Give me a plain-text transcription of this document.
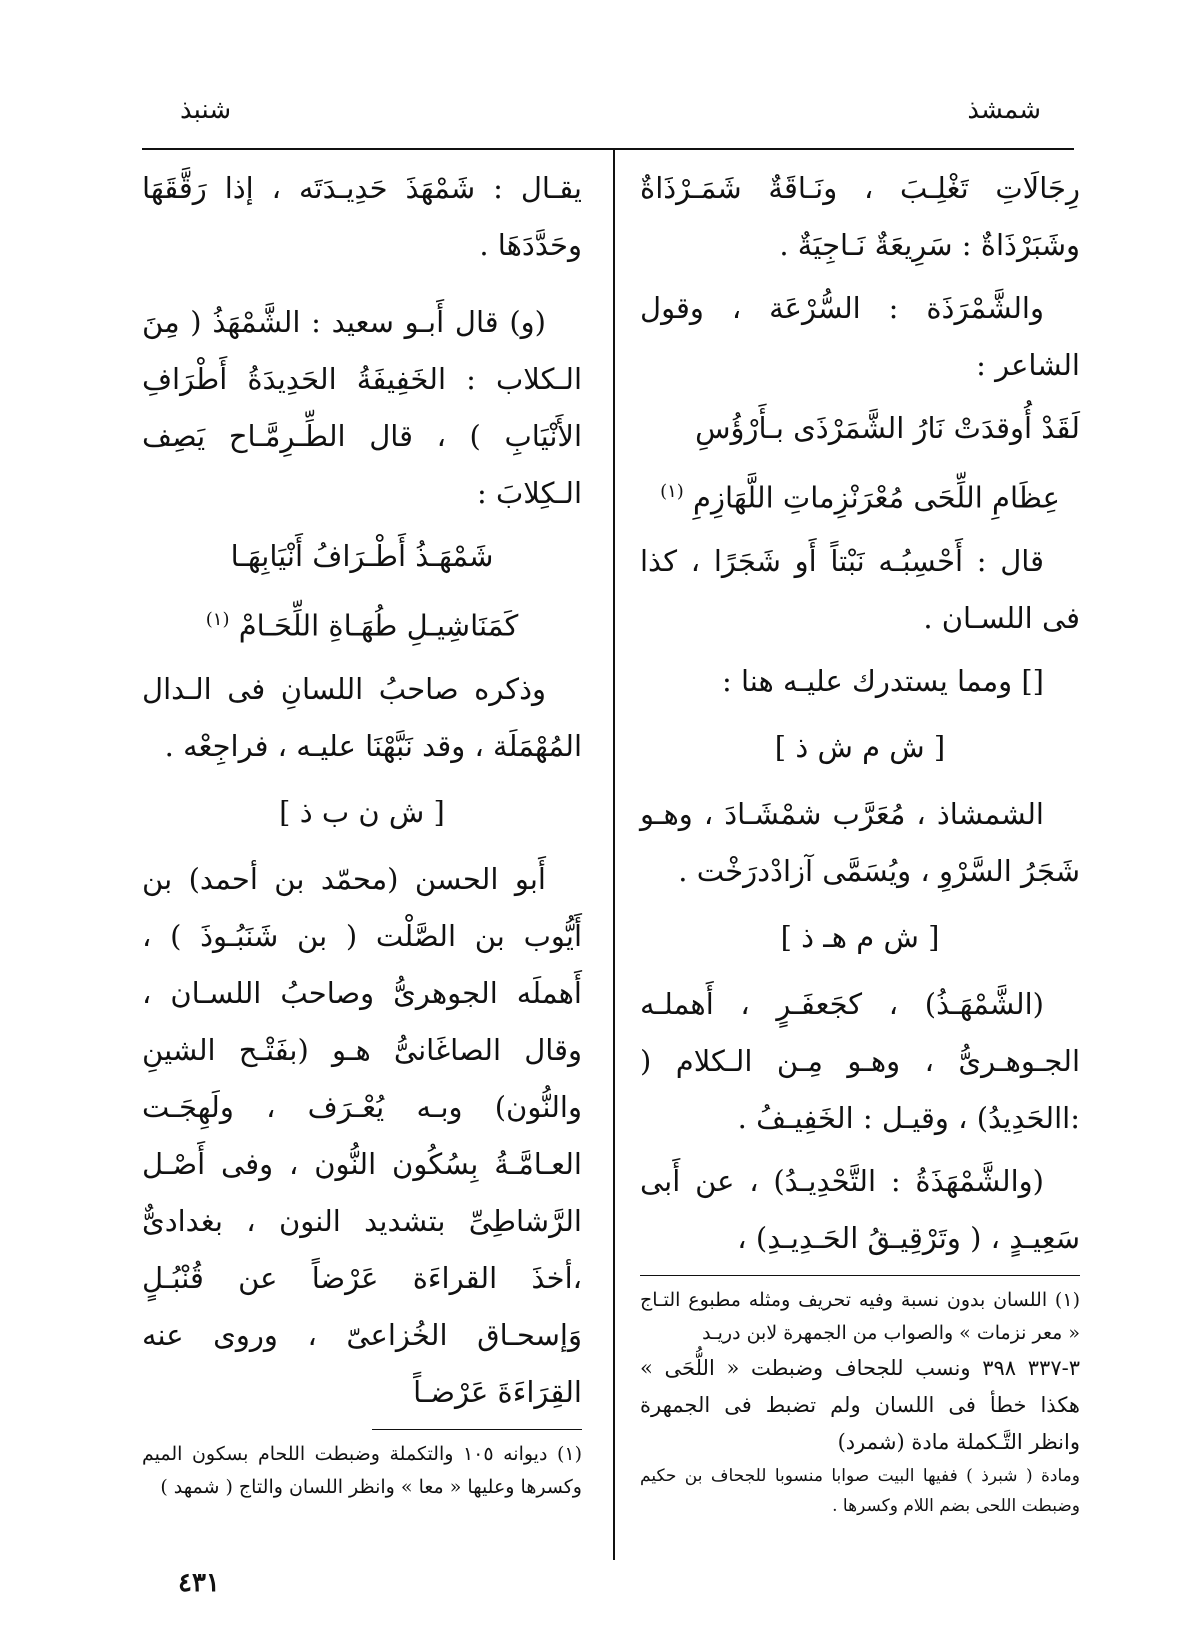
شمشذ
شنبذ

رِجَالَاتِ تَغْلِـبَ ، ونَـاقَةٌ شَمَـرْذَاةٌ وشَبَرْذَاةٌ : سَرِيعَةٌ نَـاجِيَةٌ .

والشَّمْرَذَة : السُّرْعَة ، وقول الشاعر :

لَقَدْ أُوقدَتْ نَارُ الشَّمَرْذَى بـأَرْؤُسِ

عِظَامِ اللِّحَى مُعْرَنْزِماتِ اللَّهَازِمِ $^{(١)}$

قال : أَحْسِبُـه نَبْتاً أَو شَجَرًا ، كذا فى اللسـان .

[] ومما يستدرك عليـه هنا :

[ ش م ش ذ ]

الشمشاذ ، مُعَرَّب شمْشَـادَ ، وهـو شَجَرُ السَّرْوِ ، ويُسَمَّى آزادْدرَخْت .

[ ش م هـ ذ ]

(الشَّمْهَـذُ) ، كجَعفَـرٍ ، أَهملـه الجـوهـرىُّ ، وهـو مِـن الـكلام ( :االحَدِيدُ) ، وقيـل : الخَفِيـفُ .

(والشَّمْهَذَةُ : التَّحْدِيـدُ) ، عن أَبى سَعِيـدٍ ، ( وتَرْقِيـقُ الحَـدِيـدِ) ،

(١) اللسان بدون نسبة وفيه تحريف ومثله مطبوع التـاج « معر نزمات » والصواب من الجمهرة لابن دريـد

٣-٣٣٧ ٣٩٨ ونسب للجحاف وضبطت « اللُّحَى » هكذا خطأ فى اللسان ولم تضبط فى الجمهرة وانظر التَّـكملة مادة (شمرد)

ومادة ( شبرذ ) ففيها البيت صوابا منسوبا للجحاف بن حكيم وضبطت اللحى بضم اللام وكسرها .

يقـال : شَمْهَذَ حَدِيـدَتَه ، إذا رَقَّقَهَا وحَدَّدَهَا .

(و) قال أَبـو سعيد : الشَّمْهَذُ ( مِنَ الـكلاب : الخَفِيفَةُ الحَدِيدَةُ أَطْرَافِ الأَنْيَابِ ) ، قال الطِّـرِمَّـاح يَصِف الـكِلابَ :

شَمْهَـذُ أَطْـرَافُ أَنْيَابِهَـا

كَمَنَاشِيـلِ طُهَـاةِ اللِّحَـامْ $^{(١)}$

وذكره صاحبُ اللسانِ فى الـدال المُهْمَلَة ، وقد نَبَّهْنَا عليـه ، فراجِعْه .

[ ش ن ب ذ ]

أَبو الحسن (محمّد بن أحمد) بن أَيُّوب بن الصَّلْت ( بن شَنَبُـوذَ ) ، أَهملَه الجوهرىُّ وصاحبُ اللسـان ، وقال الصاغَانىُّ هـو (بفَتْـح الشينِ والنُّون) وبـه يُعْـرَف ، ولَهِجَـت العـامَّـةُ بِسُكُون النُّون ، وفى أَصْـل الرَّشاطِىِّ بتشديد النون ، بغدادىٌّ ،أخذَ القراءَة عَرْضاً عن قُنْبُـلٍ وَإسحـاق الخُزاعىّ ، وروى عنه القِرَاءَةَ عَرْضـاً

(١) ديوانه ١٠٥ والتكملة وضبطت اللحام بسكون الميم وكسرها وعليها « معا » وانظر اللسان والتاج ( شمهد )

٤٣١
